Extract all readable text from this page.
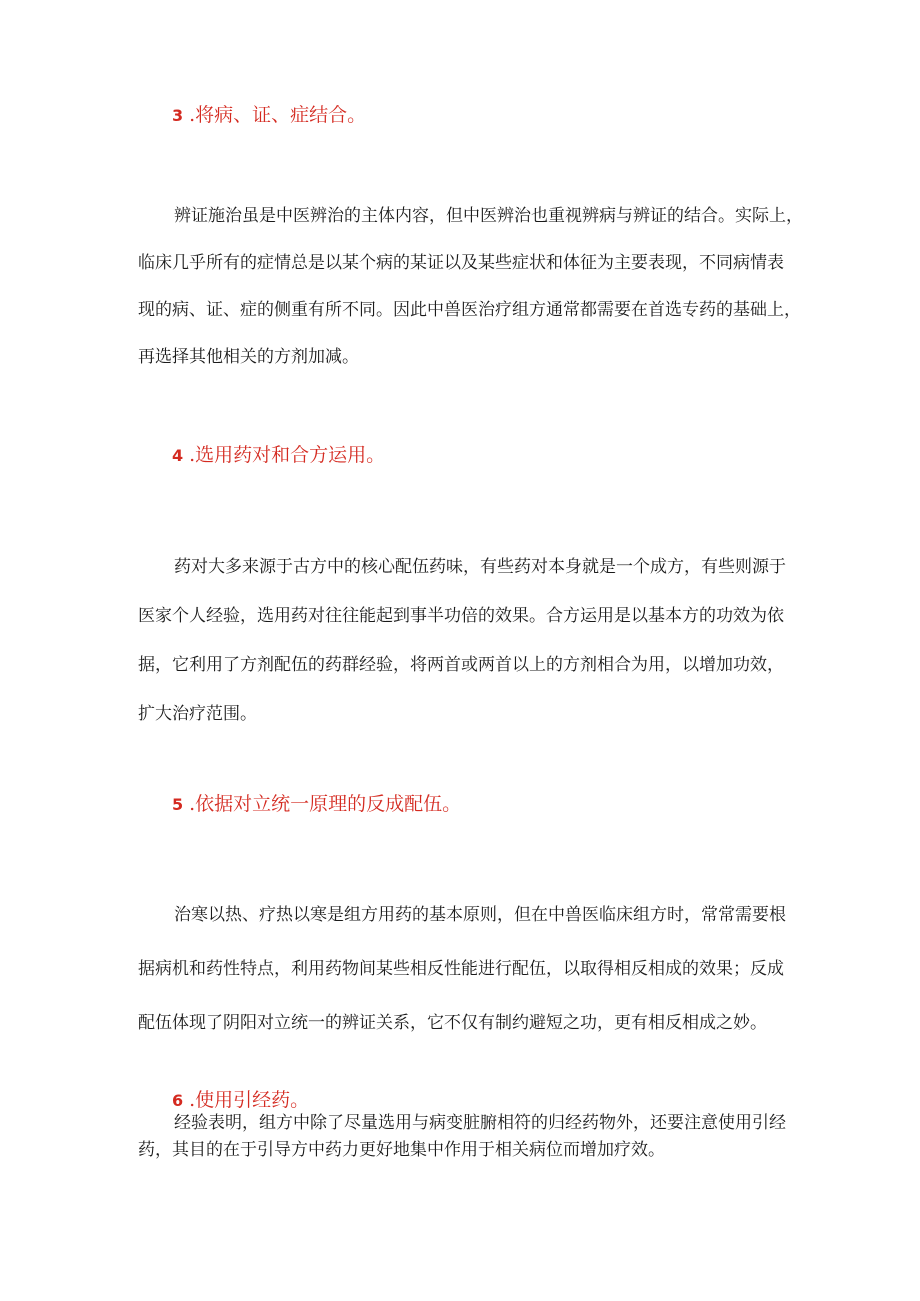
3 .将病、证、症结合。

辨证施治虽是中医辨治的主体内容，但中医辨治也重视辨病与辨证的结合。实际上，
临床几乎所有的症情总是以某个病的某证以及某些症状和体征为主要表现，不同病情表
现的病、证、症的侧重有所不同。因此中兽医治疗组方通常都需要在首选专药的基础上，
再选择其他相关的方剂加减。

4 .选用药对和合方运用。

药对大多来源于古方中的核心配伍药味，有些药对本身就是一个成方，有些则源于
医家个人经验，选用药对往往能起到事半功倍的效果。合方运用是以基本方的功效为依
据，它利用了方剂配伍的药群经验，将两首或两首以上的方剂相合为用，以增加功效，
扩大治疗范围。

5 .依据对立统一原理的反成配伍。

治寒以热、疗热以寒是组方用药的基本原则，但在中兽医临床组方时，常常需要根
据病机和药性特点，利用药物间某些相反性能进行配伍，以取得相反相成的效果；反成
配伍体现了阴阳对立统一的辨证关系，它不仅有制约避短之功，更有相反相成之妙。

6 .使用引经药。

经验表明，组方中除了尽量选用与病变脏腑相符的归经药物外，还要注意使用引经
药，其目的在于引导方中药力更好地集中作用于相关病位而增加疗效。
